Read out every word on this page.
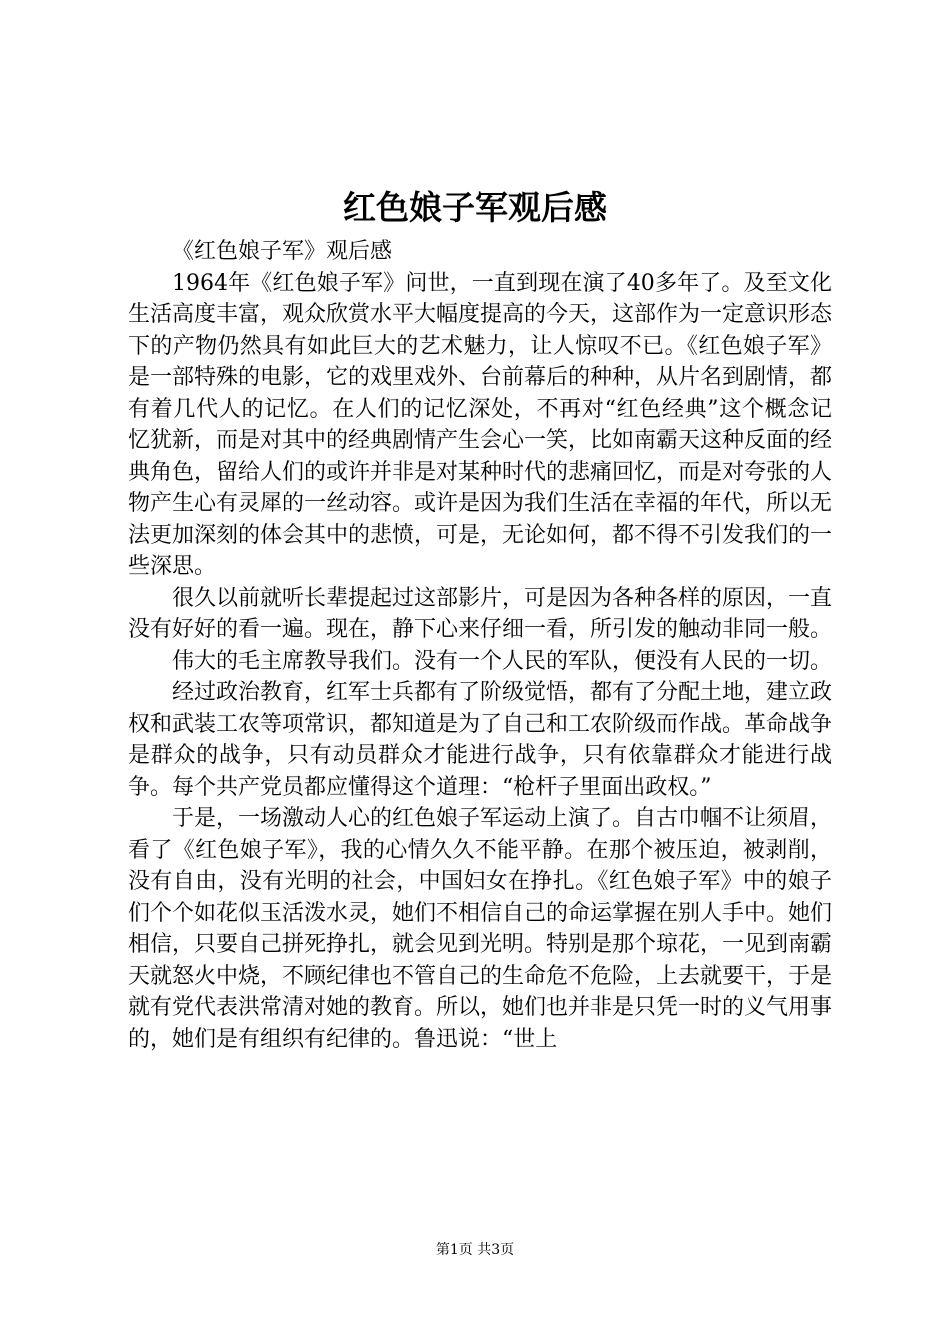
红色娘子军观后感

《红色娘子军》观后感

1964年《红色娘子军》问世，一直到现在演了40多年了。及至文化生活高度丰富，观众欣赏水平大幅度提高的今天，这部作为一定意识形态下的产物仍然具有如此巨大的艺术魅力，让人惊叹不已。《红色娘子军》是一部特殊的电影，它的戏里戏外、台前幕后的种种，从片名到剧情，都有着几代人的记忆。在人们的记忆深处，不再对“红色经典”这个概念记忆犹新，而是对其中的经典剧情产生会心一笑，比如南霸天这种反面的经典角色，留给人们的或许并非是对某种时代的悲痛回忆，而是对夸张的人物产生心有灵犀的一丝动容。或许是因为我们生活在幸福的年代，所以无法更加深刻的体会其中的悲愤，可是，无论如何，都不得不引发我们的一些深思。

很久以前就听长辈提起过这部影片，可是因为各种各样的原因，一直没有好好的看一遍。现在，静下心来仔细一看，所引发的触动非同一般。

伟大的毛主席教导我们。没有一个人民的军队，便没有人民的一切。

经过政治教育，红军士兵都有了阶级觉悟，都有了分配土地，建立政权和武装工农等项常识，都知道是为了自己和工农阶级而作战。革命战争是群众的战争，只有动员群众才能进行战争，只有依靠群众才能进行战争。每个共产党员都应懂得这个道理：“枪杆子里面出政权。”

于是，一场激动人心的红色娘子军运动上演了。自古巾帼不让须眉，看了《红色娘子军》，我的心情久久不能平静。在那个被压迫，被剥削，没有自由，没有光明的社会，中国妇女在挣扎。《红色娘子军》中的娘子们个个如花似玉活泼水灵，她们不相信自己的命运掌握在别人手中。她们相信，只要自己拼死挣扎，就会见到光明。特别是那个琼花，一见到南霸天就怒火中烧，不顾纪律也不管自己的生命危不危险，上去就要干，于是就有党代表洪常清对她的教育。所以，她们也并非是只凭一时的义气用事的，她们是有组织有纪律的。鲁迅说：“世上

第1页 共3页
